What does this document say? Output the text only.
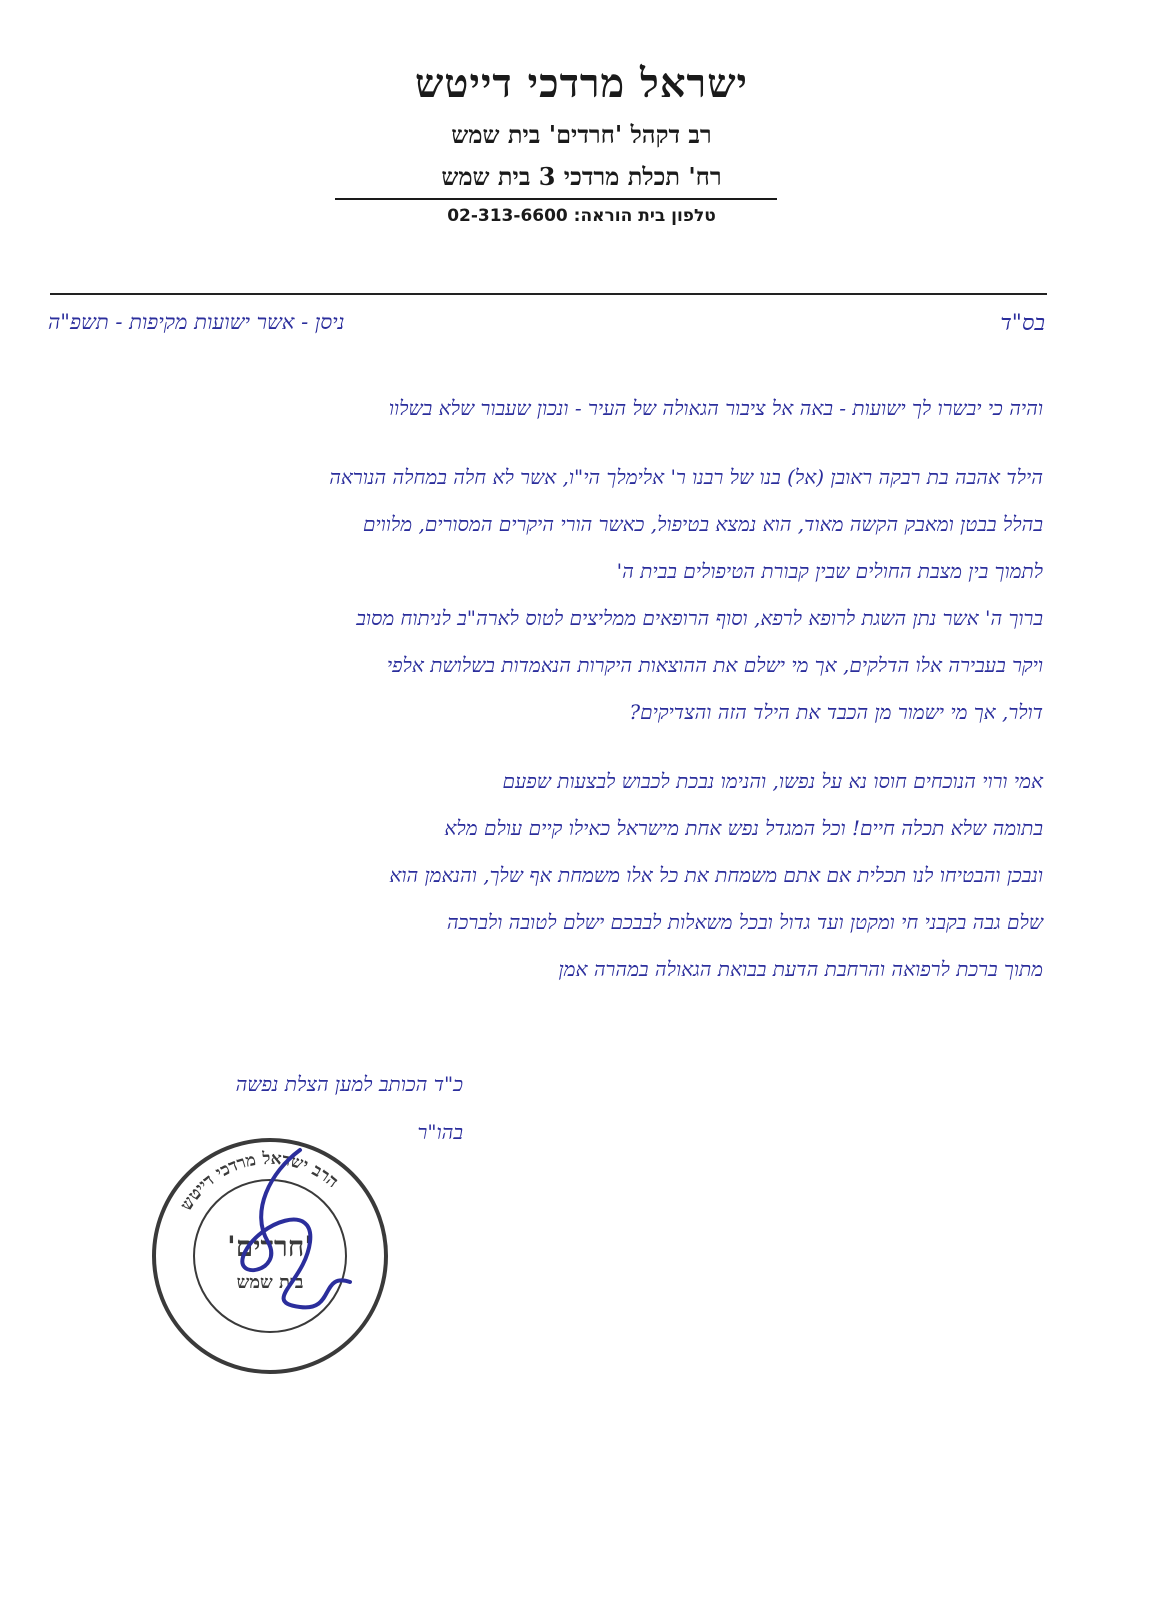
ישראל מרדכי דייטש
רב דקהל 'חרדים' בית שמש
רח' תכלת מרדכי 3 בית שמש
טלפון בית הוראה: 02-313-6600
ניסן - אשר ישועות מקיפות - תשפ"ה	בס"ד
והיה כי יבשרו לך ישועות - באה אל ציבור הגאולה של העיר - ונכון שעבור שלא בשלוו
הילד אהבה בת רבקה ראובן (אל) בנו של רבנו ר' אלימלך הי"ו, אשר לא חלה במחלה הנוראה
בהלל בבטן ומאבק הקשה מאוד, הוא נמצא בטיפול, כאשר הורי היקרים המסורים, מלווים
לתמוך בין מצבת החולים שבין קבורת הטיפולים בבית ה'
ברוך ה' אשר נתן השגת לרופא לרפא, וסוף הרופאים ממליצים לטוס לארה"ב לניתוח מסוב
ויקר בעבירה אלו הדלקים, אך מי ישלם את ההוצאות היקרות הנאמדות בשלושת אלפי
דולר, אך מי ישמור מן הכבד את הילד הזה והצדיקים?
אמי ורוי הנוכחים חוסו נא על נפשו, והנימו נבכת לכבוש לבצעות שפעם
בתומה שלא תכלה חיים! וכל המגדל נפש אחת מישראל כאילו קיים עולם מלא
ונבכן והבטיחו לנו תכלית אם אתם משמחת את כל אלו משמחת אף שלך, והנאמן הוא
שלם גבה בקבני חי ומקטן ועד גדול ובכל משאלות לבבכם ישלם לטובה ולברכה
מתוך ברכת לרפואה והרחבת הדעת בבואת הגאולה במהרה אמן
כ"ד הכותב למען הצלת נפשה
בהו"ר
הרב ישראל מרדכי דייטש
'חרדים'
בית שמש
